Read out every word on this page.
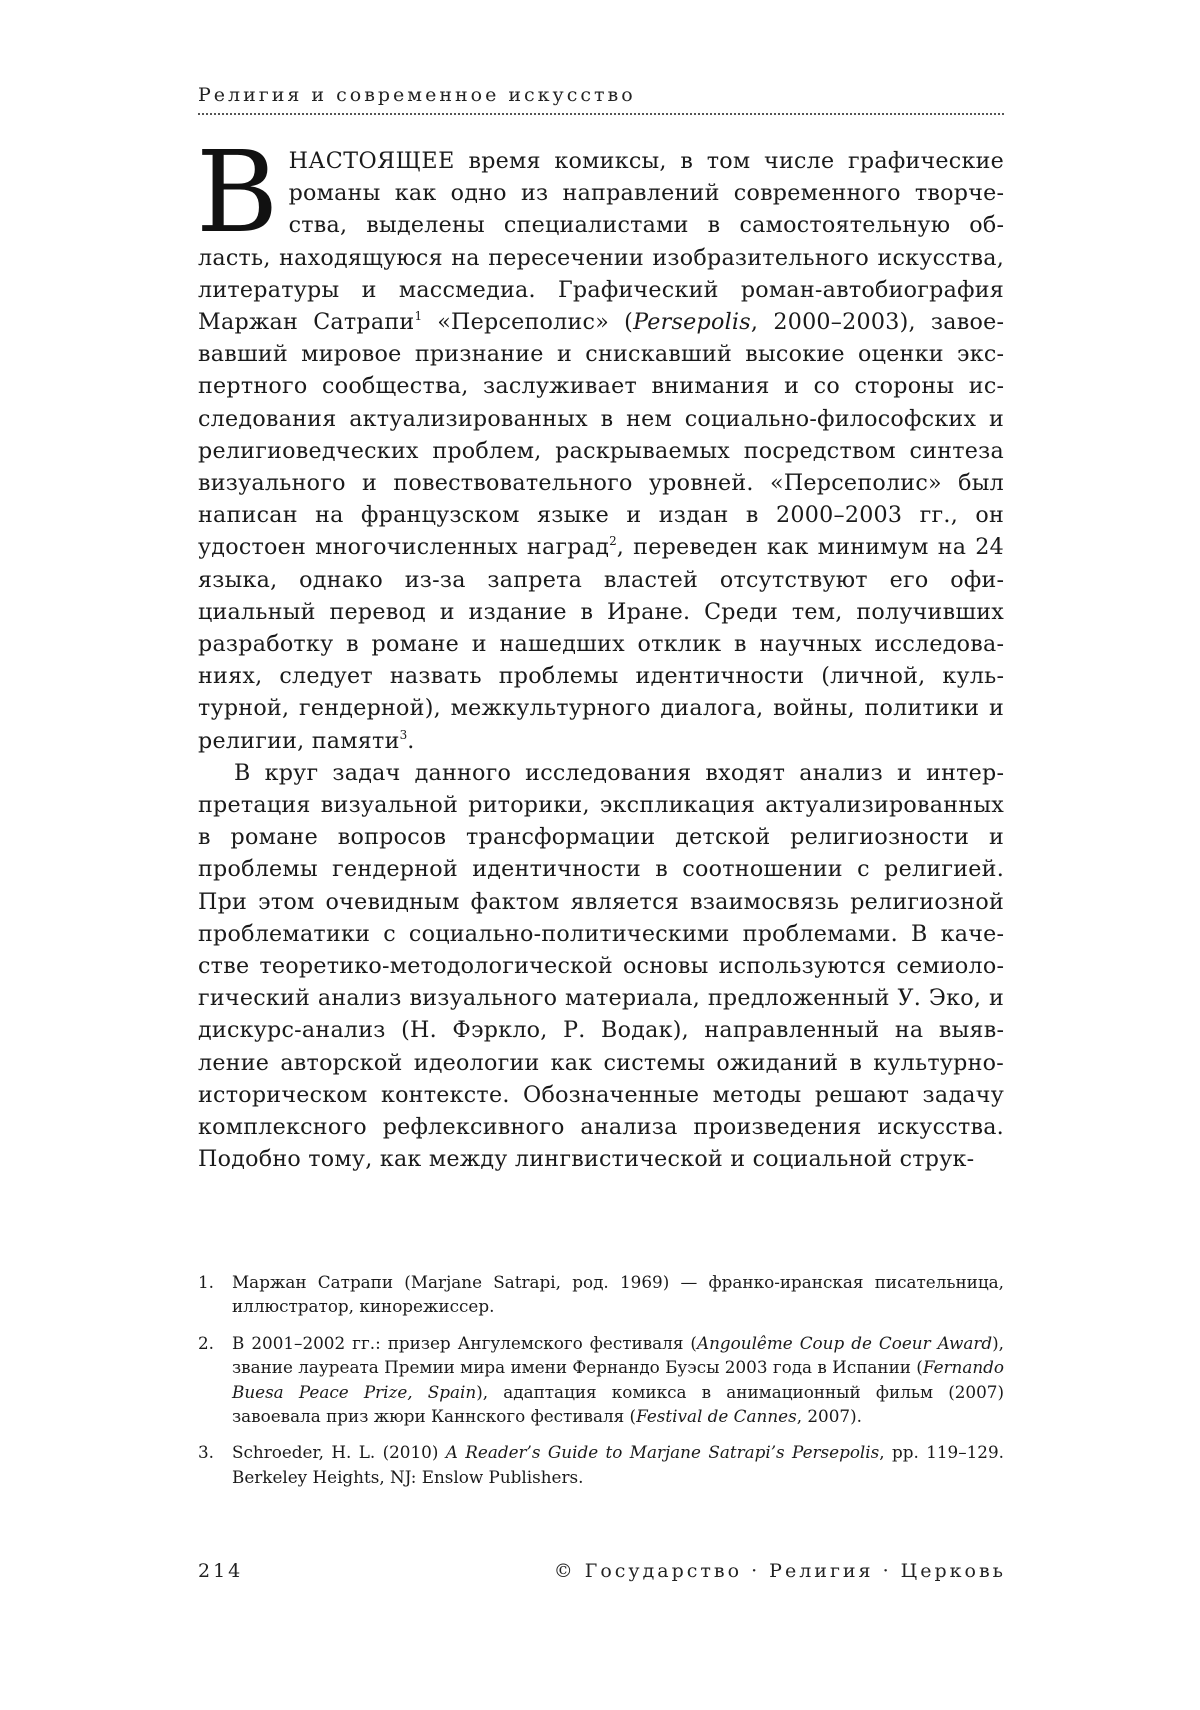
Религия и современное искусство

ВНАСТОЯЩЕЕ время комиксы, в том числе графические романы как одно из направлений современного творчества, выделены специалистами в самостоятельную область, находящуюся на пересечении изобразительного искусства, литературы и массмедиа. Графический роман-автобиография Маржан Сатрапи$^1$ «Персеполис» (Persepolis, 2000–2003), завоевавший мировое признание и снискавший высокие оценки экспертного сообщества, заслуживает внимания и со стороны исследования актуализированных в нем социально-философских и религиоведческих проблем, раскрываемых посредством синтеза визуального и повествовательного уровней. «Персеполис» был написан на французском языке и издан в 2000–2003 гг., он удостоен многочисленных наград$^2$, переведен как минимум на 24 языка, однако из-за запрета властей отсутствуют его официальный перевод и издание в Иране. Среди тем, получивших разработку в романе и нашедших отклик в научных исследованиях, следует назвать проблемы идентичности (личной, культурной, гендерной), межкультурного диалога, войны, политики и религии, памяти$^3$.

В круг задач данного исследования входят анализ и интерпретация визуальной риторики, экспликация актуализированных в романе вопросов трансформации детской религиозности и проблемы гендерной идентичности в соотношении с религией. При этом очевидным фактом является взаимосвязь религиозной проблематики с социально-политическими проблемами. В качестве теоретико-методологической основы используются семиологический анализ визуального материала, предложенный У. Эко, и дискурс-анализ (Н. Фэркло, Р. Водак), направленный на выявление авторской идеологии как системы ожиданий в культурно-историческом контексте. Обозначенные методы решают задачу комплексного рефлексивного анализа произведения искусства. Подобно тому, как между лингвистической и социальной струк-

1. Маржан Сатрапи (Marjane Satrapi, род. 1969) — франко-иранская писательница, иллюстратор, кинорежиссер.
2. В 2001–2002 гг.: призер Ангулемского фестиваля (Angoulême Coup de Coeur Award), звание лауреата Премии мира имени Фернандо Буэсы 2003 года в Испании (Fernando Buesa Peace Prize, Spain), адаптация комикса в анимационный фильм (2007) завоевала приз жюри Каннского фестиваля (Festival de Cannes, 2007).
3. Schroeder, H. L. (2010) A Reader’s Guide to Marjane Satrapi’s Persepolis, pp. 119–129. Berkeley Heights, NJ: Enslow Publishers.
214	© Государство · Религия · Церковь
